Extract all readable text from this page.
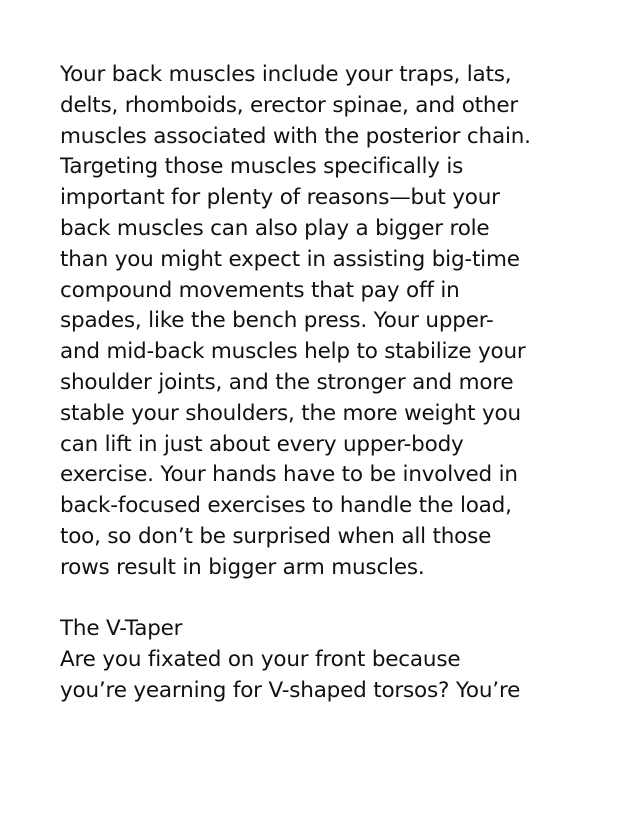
Your back muscles include your traps, lats,
delts, rhomboids, erector spinae, and other
muscles associated with the posterior chain.
Targeting those muscles specifically is
important for plenty of reasons—but your
back muscles can also play a bigger role
than you might expect in assisting big-time
compound movements that pay off in
spades, like the bench press. Your upper-
and mid-back muscles help to stabilize your
shoulder joints, and the stronger and more
stable your shoulders, the more weight you
can lift in just about every upper-body
exercise. Your hands have to be involved in
back-focused exercises to handle the load,
too, so don’t be surprised when all those
rows result in bigger arm muscles.
The V-Taper
Are you fixated on your front because
you’re yearning for V-shaped torsos? You’re
